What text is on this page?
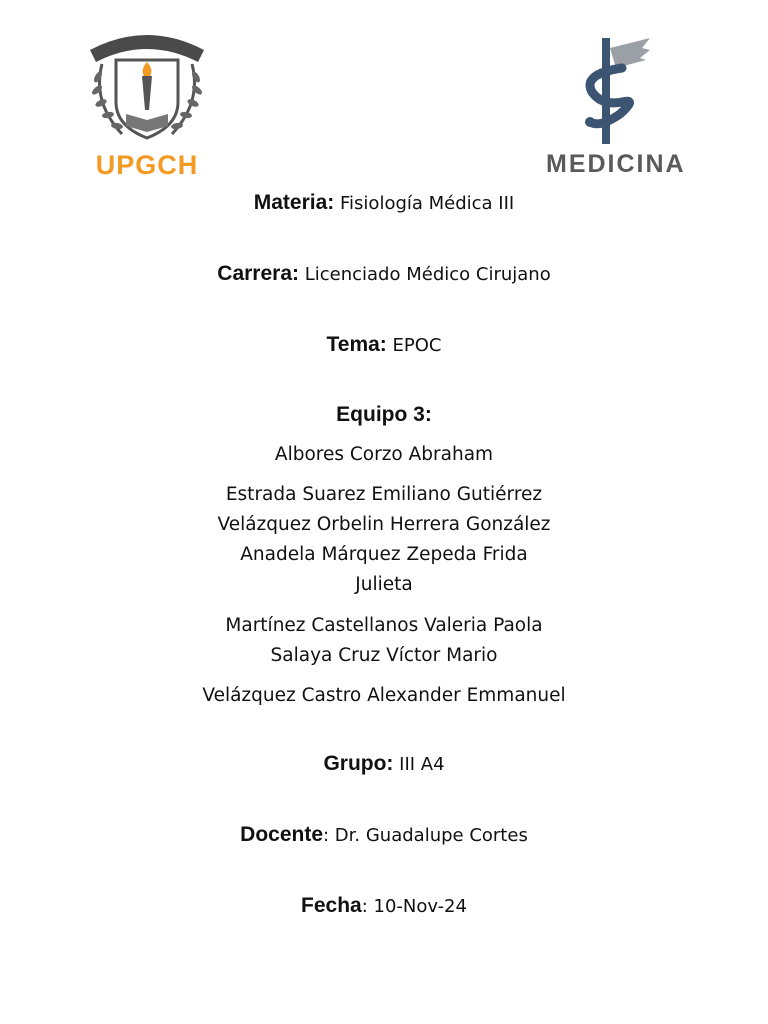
UPGCH	MEDICINA
Materia: Fisiología Médica III
Carrera: Licenciado Médico Cirujano
Tema: EPOC
Equipo 3:
Albores Corzo Abraham
Estrada Suarez Emiliano Gutiérrez
Velázquez Orbelin Herrera González
Anadela Márquez Zepeda Frida
Julieta
Martínez Castellanos Valeria Paola
Salaya Cruz Víctor Mario
Velázquez Castro Alexander Emmanuel
Grupo: III A4
Docente: Dr. Guadalupe Cortes
Fecha: 10-Nov-24
